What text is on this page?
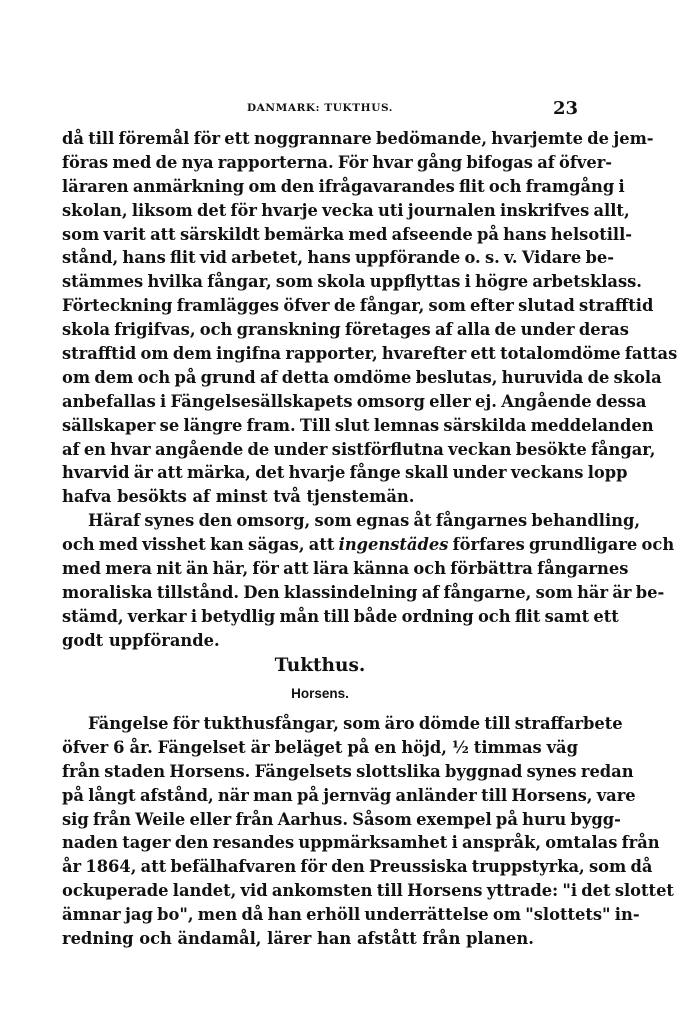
DANMARK: TUKTHUS.	23
då till föremål för ett noggrannare bedömande, hvarjemte de jem-
föras med de nya rapporterna. För hvar gång bifogas af öfver-
läraren anmärkning om den ifrågavarandes flit och framgång i
skolan, liksom det för hvarje vecka uti journalen inskrifves allt,
som varit att särskildt bemärka med afseende på hans helsotill-
stånd, hans flit vid arbetet, hans uppförande o. s. v. Vidare be-
stämmes hvilka fångar, som skola uppflyttas i högre arbetsklass.
Förteckning framlägges öfver de fångar, som efter slutad strafftid
skola frigifvas, och granskning företages af alla de under deras
strafftid om dem ingifna rapporter, hvarefter ett totalomdöme fattas
om dem och på grund af detta omdöme beslutas, huruvida de skola
anbefallas i Fängelsesällskapets omsorg eller ej. Angående dessa
sällskaper se längre fram. Till slut lemnas särskilda meddelanden
af en hvar angående de under sistförflutna veckan besökte fångar,
hvarvid är att märka, det hvarje fånge skall under veckans lopp
hafva besökts af minst två tjenstemän.
Häraf synes den omsorg, som egnas åt fångarnes behandling,
och med visshet kan sägas, att ingenstädes förfares grundligare och
med mera nit än här, för att lära känna och förbättra fångarnes
moraliska tillstånd. Den klassindelning af fångarne, som här är be-
stämd, verkar i betydlig mån till både ordning och flit samt ett
godt uppförande.
Tukthus.
Horsens.
Fängelse för tukthusfångar, som äro dömde till straffarbete
öfver 6 år. Fängelset är beläget på en höjd, ½ timmas väg
från staden Horsens. Fängelsets slottslika byggnad synes redan
på långt afstånd, när man på jernväg anländer till Horsens, vare
sig från Weile eller från Aarhus. Såsom exempel på huru bygg-
naden tager den resandes uppmärksamhet i anspråk, omtalas från
år 1864, att befälhafvaren för den Preussiska truppstyrka, som då
ockuperade landet, vid ankomsten till Horsens yttrade: "i det slottet
ämnar jag bo", men då han erhöll underrättelse om "slottets" in-
redning och ändamål, lärer han afstått från planen.
